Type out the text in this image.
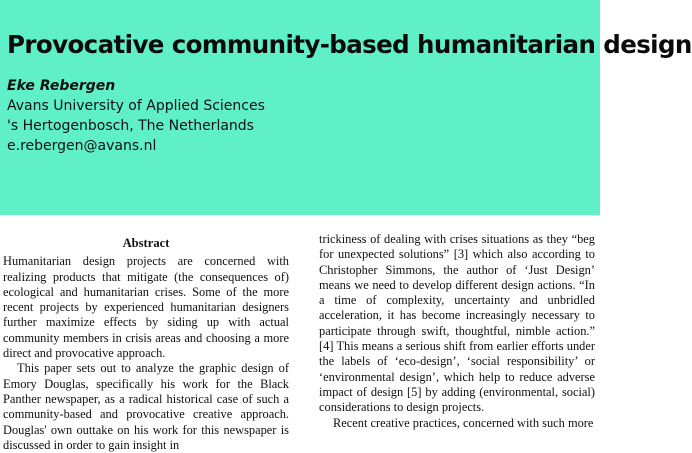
Provocative community-based humanitarian design
Eke Rebergen
Avans University of Applied Sciences
's Hertogenbosch, The Netherlands
e.rebergen@avans.nl
Abstract

Humanitarian design projects are concerned with realizing products that mitigate (the consequences of) ecological and humanitarian crises. Some of the more recent projects by experienced humanitarian designers further maximize effects by siding up with actual community members in crisis areas and choosing a more direct and provocative approach.

This paper sets out to analyze the graphic design of Emory Douglas, specifically his work for the Black Panther newspaper, as a radical historical case of such a community-based and provocative creative approach. Douglas' own outtake on his work for this newspaper is discussed in order to gain insight in

trickiness of dealing with crises situations as they “beg for unexpected solutions” [3] which also according to Christopher Simmons, the author of ‘Just Design’ means we need to develop different design actions. “In a time of complexity, uncertainty and unbridled acceleration, it has become increasingly necessary to participate through swift, thoughtful, nimble action.” [4] This means a serious shift from earlier efforts under the labels of ‘eco-design’, ‘social responsibility’ or ‘environmental design’, which help to reduce adverse impact of design [5] by adding (environmental, social) considerations to design projects.

Recent creative practices, concerned with such more
